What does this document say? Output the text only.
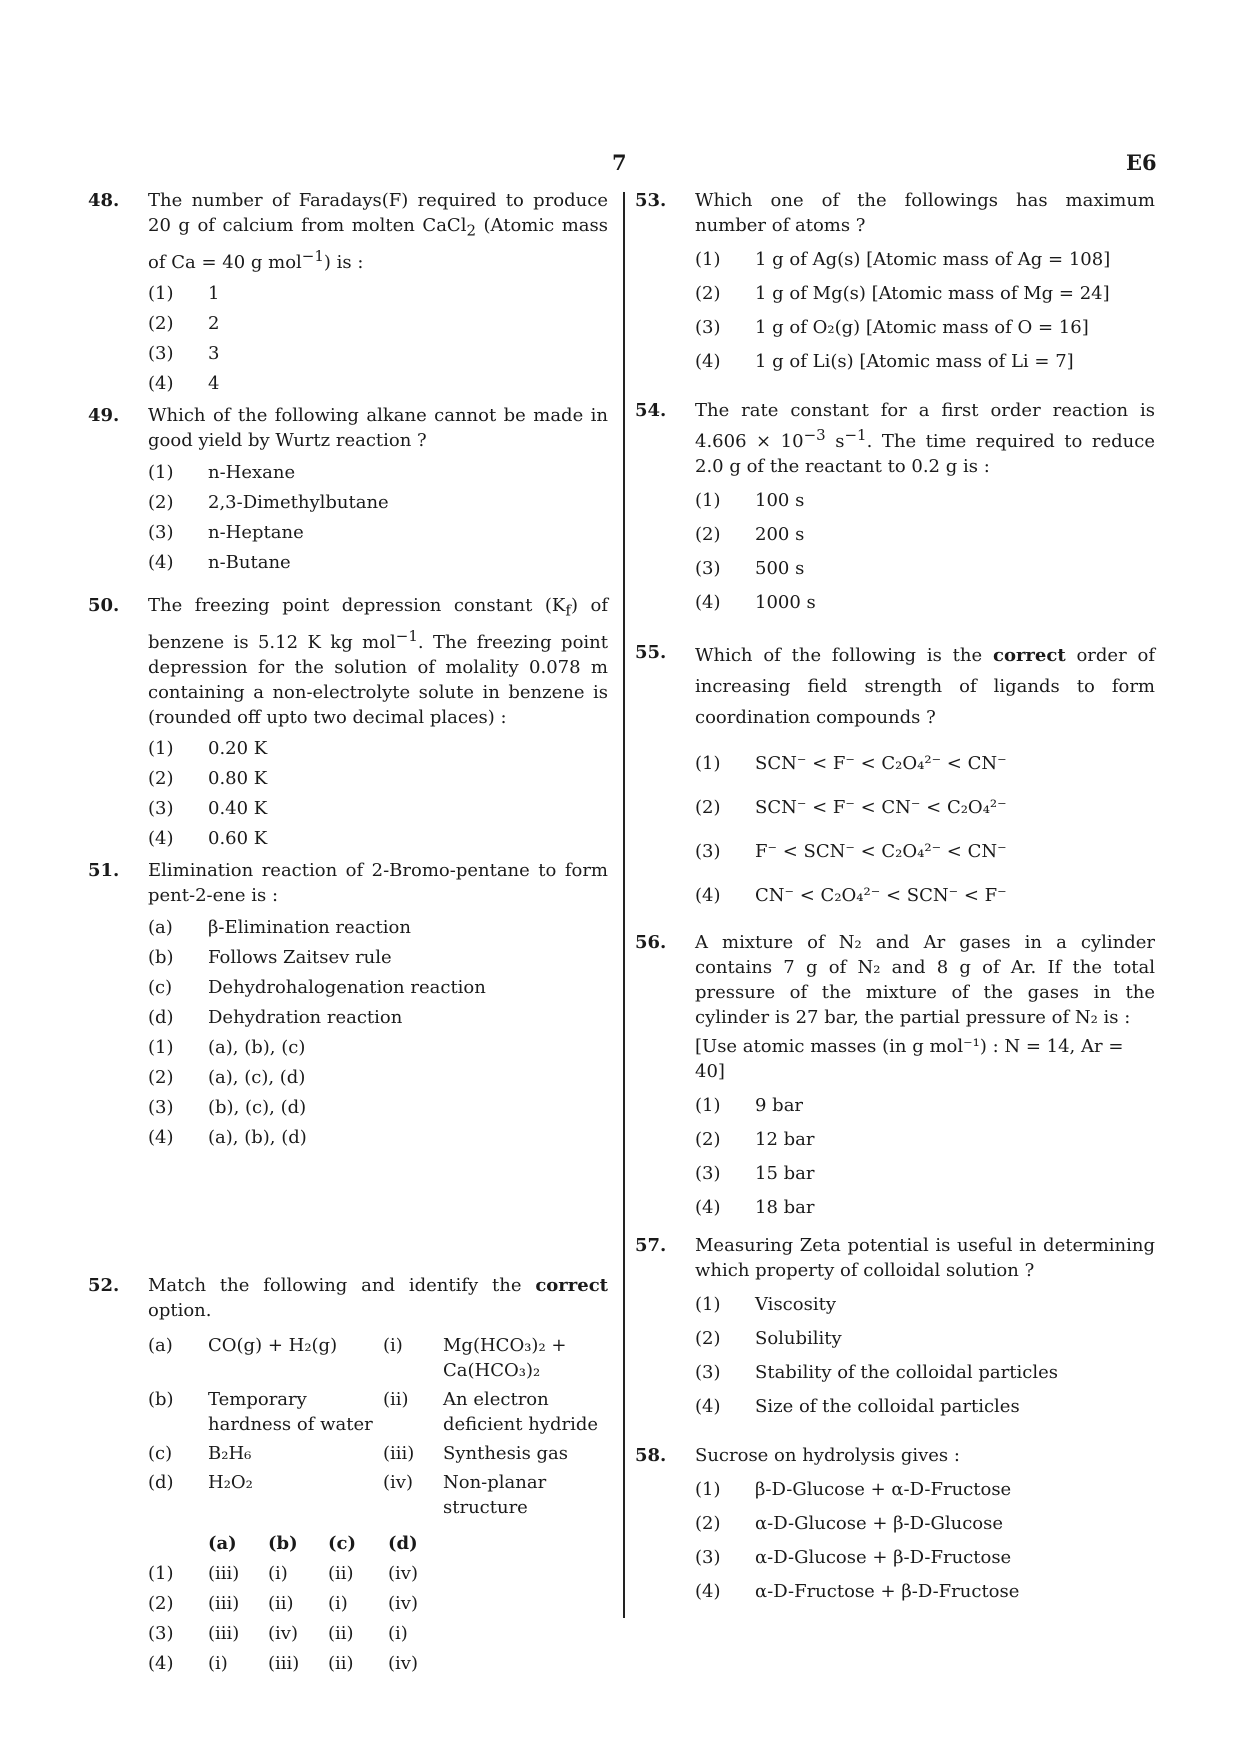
7	E6
48. The number of Faradays(F) required to produce 20 g of calcium from molten CaCl$_2$ (Atomic mass of Ca = 40 g mol$^{-1}$) is :
(1)	1
(2)	2
(3)	3
(4)	4
49. Which of the following alkane cannot be made in good yield by Wurtz reaction ?
(1)	n-Hexane
(2)	2,3-Dimethylbutane
(3)	n-Heptane
(4)	n-Butane
50. The freezing point depression constant $(K_f)$ of benzene is 5.12 K kg mol$^{-1}$. The freezing point depression for the solution of molality 0.078 m containing a non-electrolyte solute in benzene is (rounded off upto two decimal places) :
(1)	0.20 K
(2)	0.80 K
(3)	0.40 K
(4)	0.60 K
51. Elimination reaction of 2-Bromo-pentane to form pent-2-ene is :
(a)	β-Elimination reaction
(b)	Follows Zaitsev rule
(c)	Dehydrohalogenation reaction
(d)	Dehydration reaction
(1)	(a), (b), (c)
(2)	(a), (c), (d)
(3)	(b), (c), (d)
(4)	(a), (b), (d)
52. Match the following and identify the correct option.
(a)	CO(g) + H₂(g)	(i)	Mg(HCO₃)₂ + Ca(HCO₃)₂
(b)	Temporary hardness of water	(ii)	An electron deficient hydride
(c)	B₂H₆	(iii)	Synthesis gas
(d)	H₂O₂	(iv)	Non-planar structure
	(a)	(b)	(c)	(d)
(1)	(iii)	(i)	(ii)	(iv)
(2)	(iii)	(ii)	(i)	(iv)
(3)	(iii)	(iv)	(ii)	(i)
(4)	(i)	(iii)	(ii)	(iv)
53. Which one of the followings has maximum number of atoms ?
(1)	1 g of Ag(s) [Atomic mass of Ag = 108]
(2)	1 g of Mg(s) [Atomic mass of Mg = 24]
(3)	1 g of O₂(g) [Atomic mass of O = 16]
(4)	1 g of Li(s) [Atomic mass of Li = 7]
54. The rate constant for a first order reaction is $4.606 \times 10^{-3}$ $s^{-1}$. The time required to reduce 2.0 g of the reactant to 0.2 g is :
(1)	100 s
(2)	200 s
(3)	500 s
(4)	1000 s
55. Which of the following is the correct order of increasing field strength of ligands to form coordination compounds ?
(1)	SCN⁻ < F⁻ < C₂O₄²⁻ < CN⁻
(2)	SCN⁻ < F⁻ < CN⁻ < C₂O₄²⁻
(3)	F⁻ < SCN⁻ < C₂O₄²⁻ < CN⁻
(4)	CN⁻ < C₂O₄²⁻ < SCN⁻ < F⁻
56. A mixture of N₂ and Ar gases in a cylinder contains 7 g of N₂ and 8 g of Ar. If the total pressure of the mixture of the gases in the cylinder is 27 bar, the partial pressure of N₂ is :
[Use atomic masses (in g mol⁻¹) : N = 14, Ar = 40]
(1)	9 bar
(2)	12 bar
(3)	15 bar
(4)	18 bar
57. Measuring Zeta potential is useful in determining which property of colloidal solution ?
(1)	Viscosity
(2)	Solubility
(3)	Stability of the colloidal particles
(4)	Size of the colloidal particles
58. Sucrose on hydrolysis gives :
(1)	β-D-Glucose + α-D-Fructose
(2)	α-D-Glucose + β-D-Glucose
(3)	α-D-Glucose + β-D-Fructose
(4)	α-D-Fructose + β-D-Fructose
